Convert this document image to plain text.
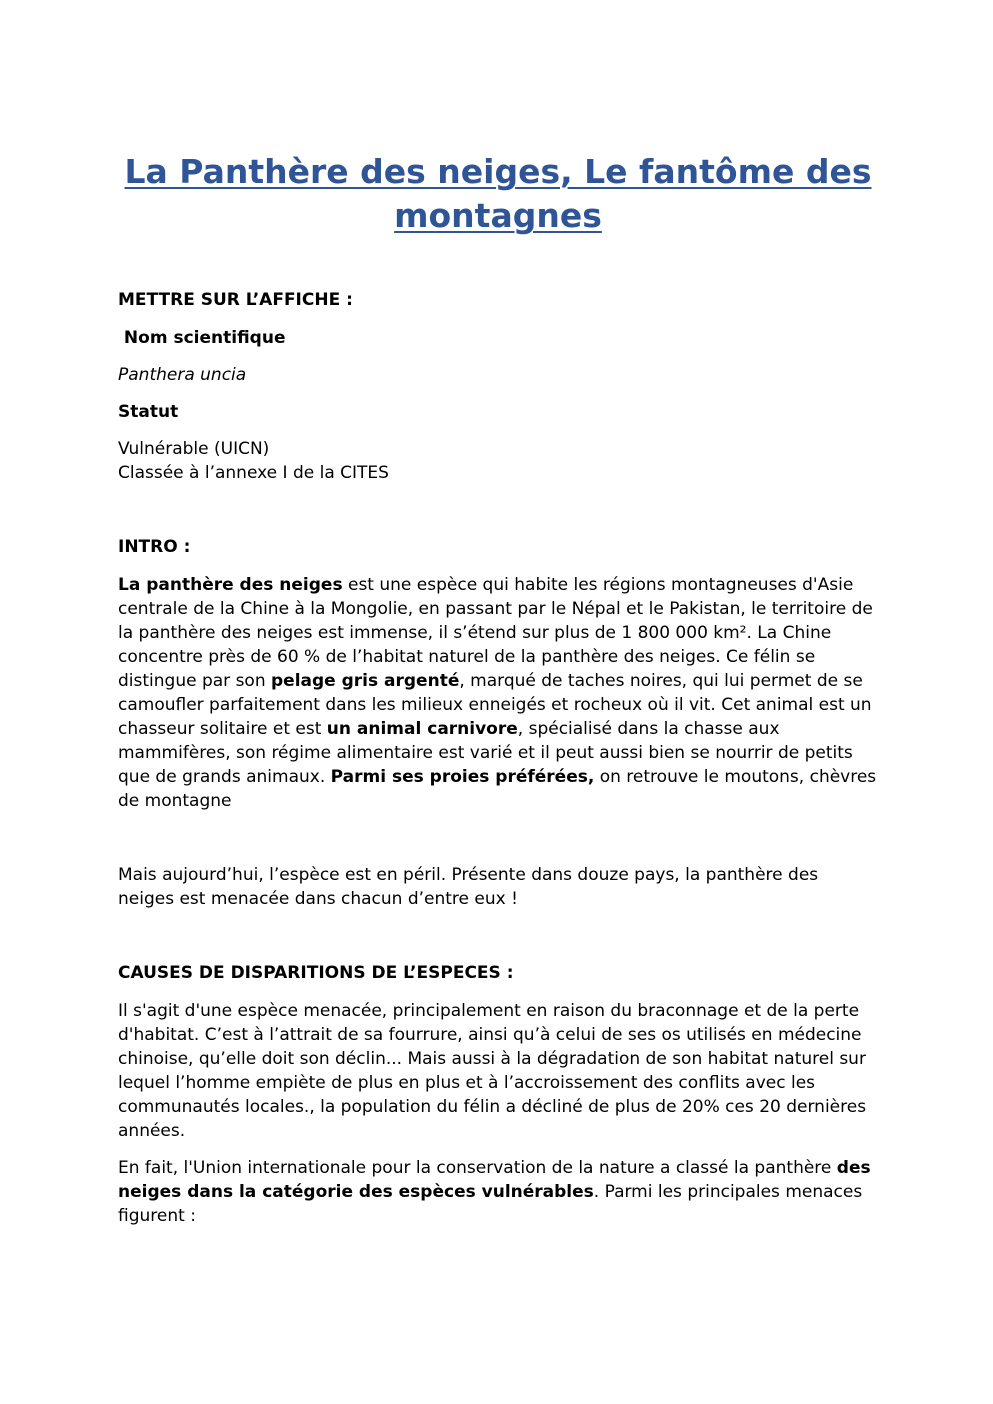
La Panthère des neiges, Le fantôme des
montagnes

METTRE SUR L’AFFICHE :

Nom scientifique

Panthera uncia

Statut

Vulnérable (UICN)

Classée à l’annexe I de la CITES

INTRO :

La panthère des neiges est une espèce qui habite les régions montagneuses d'Asie centrale de la Chine à la Mongolie, en passant par le Népal et le Pakistan, le territoire de la panthère des neiges est immense, il s’étend sur plus de 1 800 000 km². La Chine concentre près de 60 % de l’habitat naturel de la panthère des neiges. Ce félin se distingue par son pelage gris argenté, marqué de taches noires, qui lui permet de se camoufler parfaitement dans les milieux enneigés et rocheux où il vit. Cet animal est un chasseur solitaire et est un animal carnivore, spécialisé dans la chasse aux mammifères, son régime alimentaire est varié et il peut aussi bien se nourrir de petits que de grands animaux. Parmi ses proies préférées, on retrouve le moutons, chèvres de montagne

Mais aujourd’hui, l’espèce est en péril. Présente dans douze pays, la panthère des neiges est menacée dans chacun d’entre eux !

CAUSES DE DISPARITIONS DE L’ESPECES :

Il s'agit d'une espèce menacée, principalement en raison du braconnage et de la perte d'habitat. C’est à l’attrait de sa fourrure, ainsi qu’à celui de ses os utilisés en médecine chinoise, qu’elle doit son déclin... Mais aussi à la dégradation de son habitat naturel sur lequel l’homme empiète de plus en plus et à l’accroissement des conflits avec les communautés locales., la population du félin a décliné de plus de 20% ces 20 dernières années.

En fait, l'Union internationale pour la conservation de la nature a classé la panthère des neiges dans la catégorie des espèces vulnérables. Parmi les principales menaces figurent :
